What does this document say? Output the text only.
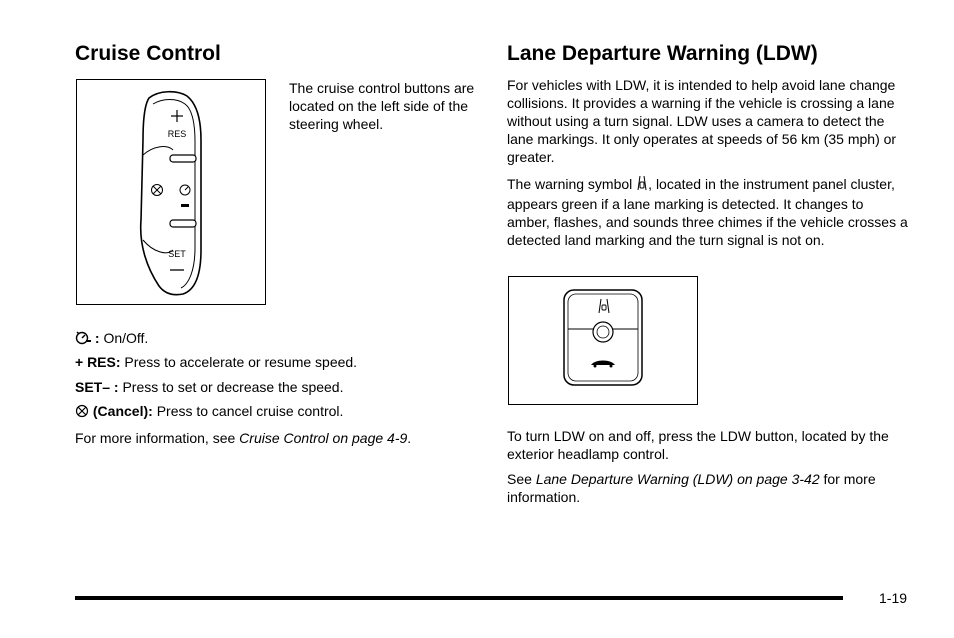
Cruise Control
RES
SET
The cruise control buttons are located on the left side of the steering wheel.
: On/Off.
+ RES: Press to accelerate or resume speed.
SET– : Press to set or decrease the speed.
(Cancel): Press to cancel cruise control.
For more information, see Cruise Control on page 4-9.
Lane Departure Warning (LDW)
For vehicles with LDW, it is intended to help avoid lane change collisions. It provides a warning if the vehicle is crossing a lane without using a turn signal. LDW uses a camera to detect the lane markings. It only operates at speeds of 56 km (35 mph) or greater.
The warning symbol , located in the instrument panel cluster, appears green if a lane marking is detected. It changes to amber, flashes, and sounds three chimes if the vehicle crosses a detected land marking and the turn signal is not on.
To turn LDW on and off, press the LDW button, located by the exterior headlamp control.
See Lane Departure Warning (LDW) on page 3-42 for more information.
1-19
